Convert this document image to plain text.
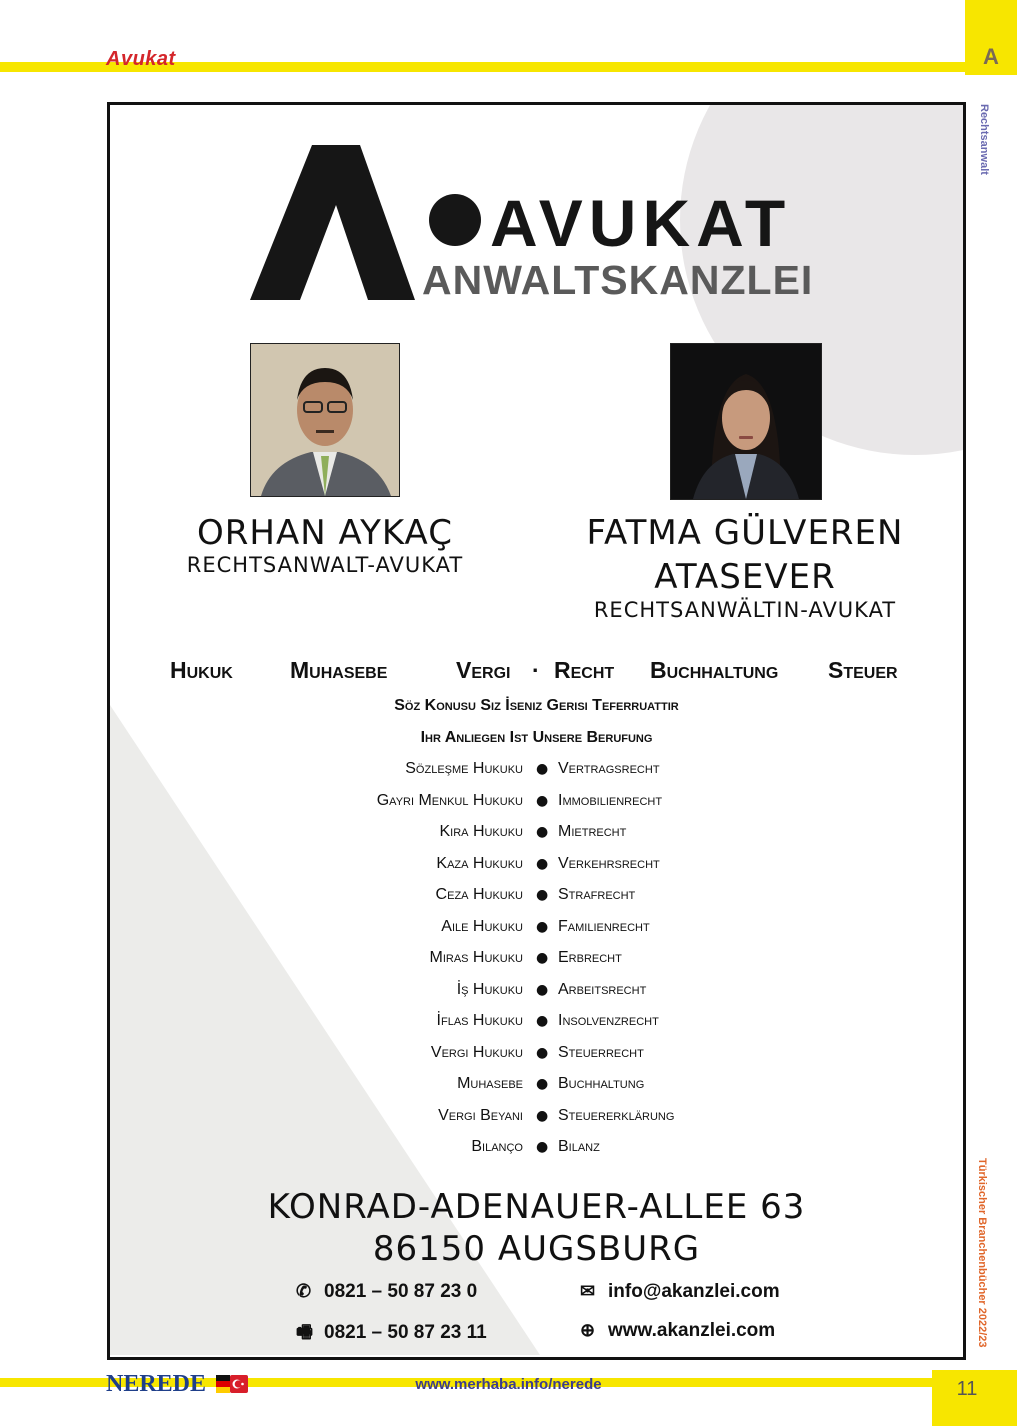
A
Avukat
Rechtsanwalt
Türkischer Branchenbücher 2022/23
AVUKAT
ANWALTSKANZLEI
ORHAN AYKAÇ
RECHTSANWALT-AVUKAT
FATMA GÜLVEREN
ATASEVER
RECHTSANWÄLTIN-AVUKAT
Hukuk Muhasebe	Vergi · Recht Buchhaltung Steuer
Söz Konusu Siz İseniz Gerisi Teferruattir
Ihr Anliegen Ist Unsere Berufung
Sözleşme Hukuku ● Vertragsrecht
Gayri Menkul Hukuku ● Immobilienrecht
Kira Hukuku ● Mietrecht
Kaza Hukuku ● Verkehrsrecht
Ceza Hukuku ● Strafrecht
Aile Hukuku ● Familienrecht
Miras Hukuku ● Erbrecht
İş Hukuku ● Arbeitsrecht
İflas Hukuku ● Insolvenzrecht
Vergi Hukuku ● Steuerrecht
Muhasebe ● Buchhaltung
Vergi Beyani ● Steuererklärung
Bilanço ● Bilanz
KONRAD-ADENAUER-ALLEE 63
86150 AUGSBURG
✆ 0821 – 50 87 23 0
🖷 0821 – 50 87 23 11
✉ info@akanzlei.com
⊕ www.akanzlei.com
11
www.merhaba.info/nerede
NEREDE
